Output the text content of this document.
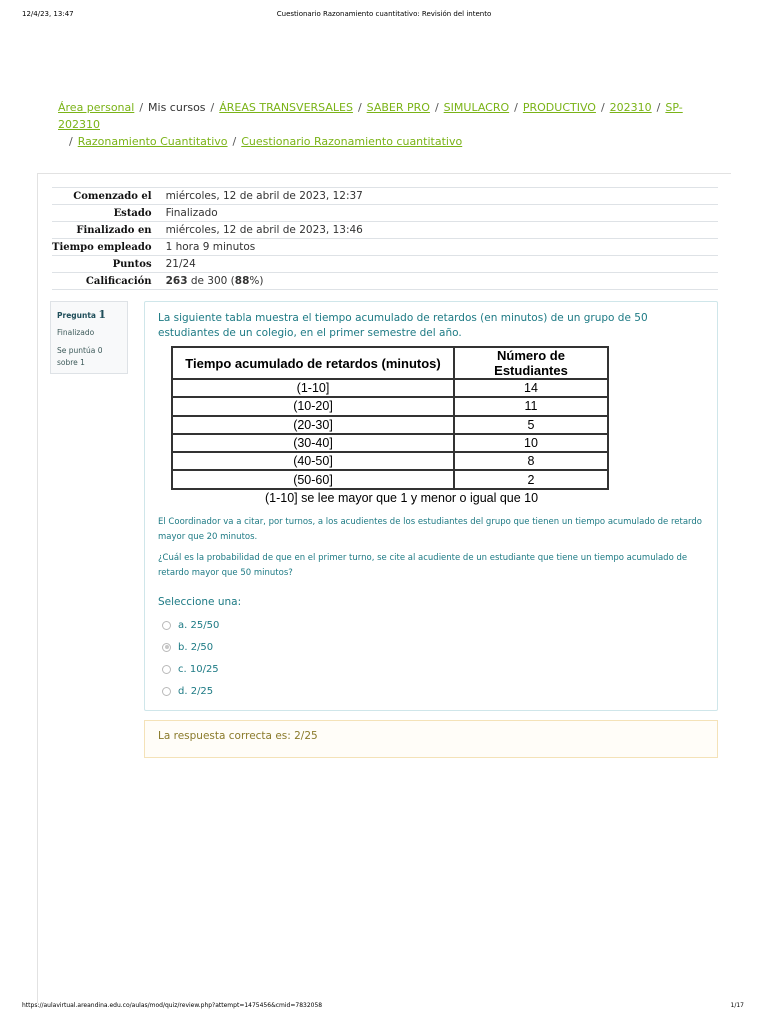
12/4/23, 13:47	Cuestionario Razonamiento cuantitativo: Revisión del intento
Área personal / Mis cursos / ÁREAS TRANSVERSALES / SABER PRO / SIMULACRO / PRODUCTIVO / 202310 / SP-202310
/ Razonamiento Cuantitativo / Cuestionario Razonamiento cuantitativo
Comenzado el	miércoles, 12 de abril de 2023, 12:37
Estado	Finalizado
Finalizado en	miércoles, 12 de abril de 2023, 13:46
Tiempo empleado	1 hora 9 minutos
Puntos	21/24
Calificación	263 de 300 (88%)
Pregunta 1
Finalizado
Se puntúa 0 sobre 1
La siguiente tabla muestra el tiempo acumulado de retardos (en minutos) de un grupo de 50 estudiantes de un colegio, en el primer semestre del año.
Tiempo acumulado de retardos (minutos)	Número de Estudiantes
(1-10]	14
(10-20]	11
(20-30]	5
(30-40]	10
(40-50]	8
(50-60]	2
(1-10] se lee mayor que 1 y menor o igual que 10
El Coordinador va a citar, por turnos, a los acudientes de los estudiantes del grupo que tienen un tiempo acumulado de retardo mayor que 20 minutos.
¿Cuál es la probabilidad de que en el primer turno, se cite al acudiente de un estudiante que tiene un tiempo acumulado de retardo mayor que 50 minutos?
Seleccione una:
a. 25/50
b. 2/50
c. 10/25
d. 2/25
La respuesta correcta es: 2/25
https://aulavirtual.areandina.edu.co/aulas/mod/quiz/review.php?attempt=1475456&cmid=7832058	1/17
